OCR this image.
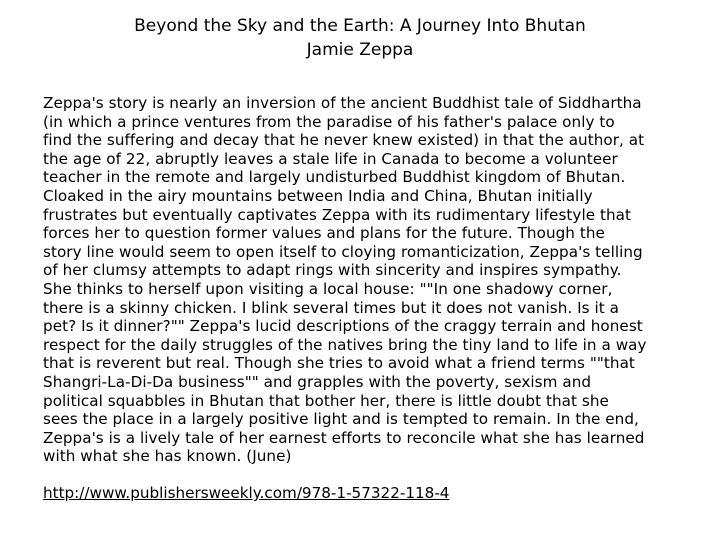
Beyond the Sky and the Earth: A Journey Into Bhutan
Jamie Zeppa
Zeppa's story is nearly an inversion of the ancient Buddhist tale of Siddhartha
(in which a prince ventures from the paradise of his father's palace only to
find the suffering and decay that he never knew existed) in that the author, at
the age of 22, abruptly leaves a stale life in Canada to become a volunteer
teacher in the remote and largely undisturbed Buddhist kingdom of Bhutan.
Cloaked in the airy mountains between India and China, Bhutan initially
frustrates but eventually captivates Zeppa with its rudimentary lifestyle that
forces her to question former values and plans for the future. Though the
story line would seem to open itself to cloying romanticization, Zeppa's telling
of her clumsy attempts to adapt rings with sincerity and inspires sympathy.
She thinks to herself upon visiting a local house: ""In one shadowy corner,
there is a skinny chicken. I blink several times but it does not vanish. Is it a
pet? Is it dinner?"" Zeppa's lucid descriptions of the craggy terrain and honest
respect for the daily struggles of the natives bring the tiny land to life in a way
that is reverent but real. Though she tries to avoid what a friend terms ""that
Shangri-La-Di-Da business"" and grapples with the poverty, sexism and
political squabbles in Bhutan that bother her, there is little doubt that she
sees the place in a largely positive light and is tempted to remain. In the end,
Zeppa's is a lively tale of her earnest efforts to reconcile what she has learned
with what she has known. (June)
http://www.publishersweekly.com/978-1-57322-118-4
